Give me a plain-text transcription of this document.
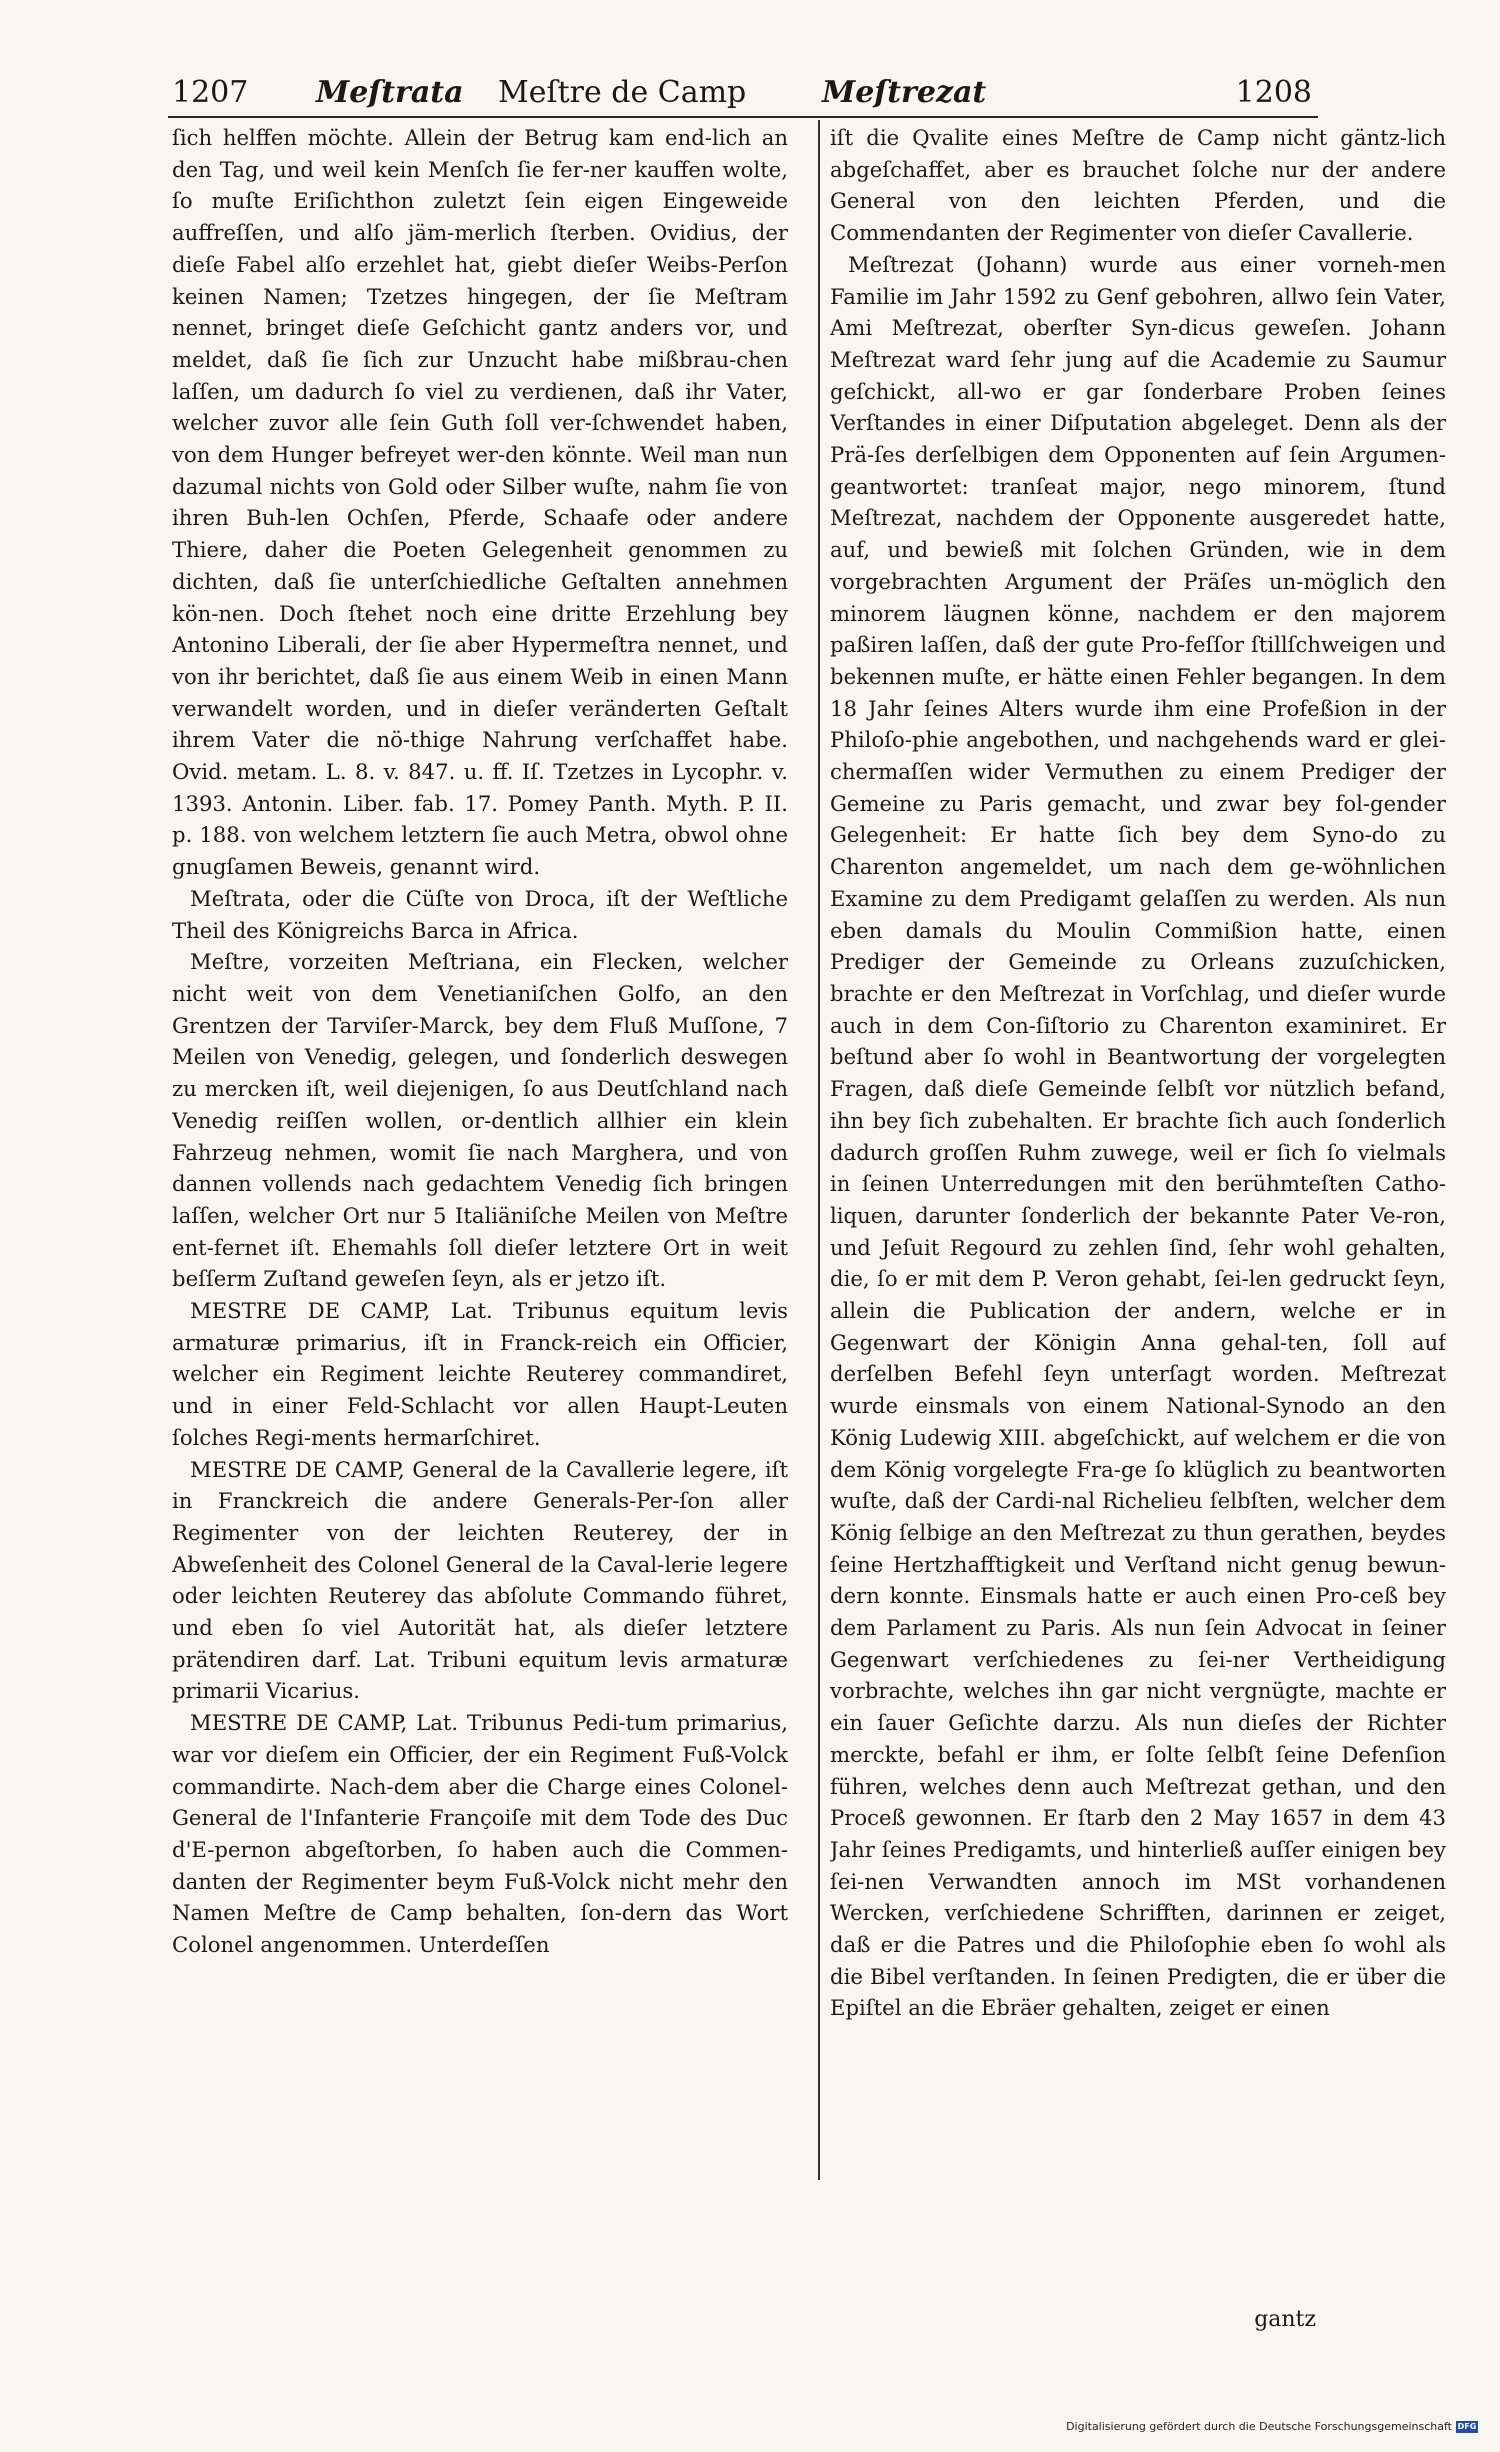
1207 Meſtrata Meſtre de Camp	Meſtrezat	1208

ſich helffen möchte. Allein der Betrug kam end-lich an den Tag, und weil kein Menſch ſie fer-ner kauffen wolte, ſo muſte Eriſichthon zuletzt ſein eigen Eingeweide auffreſſen, und alſo jäm-merlich ſterben. Ovidius, der dieſe Fabel alſo erzehlet hat, giebt dieſer Weibs-Perſon keinen Namen; Tzetzes hingegen, der ſie Meſtram nennet, bringet dieſe Geſchicht gantz anders vor, und meldet, daß ſie ſich zur Unzucht habe mißbrau-chen laſſen, um dadurch ſo viel zu verdienen, daß ihr Vater, welcher zuvor alle ſein Guth ſoll ver-ſchwendet haben, von dem Hunger befreyet wer-den könnte. Weil man nun dazumal nichts von Gold oder Silber wuſte, nahm ſie von ihren Buh-len Ochſen, Pferde, Schaafe oder andere Thiere, daher die Poeten Gelegenheit genommen zu dichten, daß ſie unterſchiedliche Geſtalten annehmen kön-nen. Doch ſtehet noch eine dritte Erzehlung bey Antonino Liberali, der ſie aber Hypermeſtra nennet, und von ihr berichtet, daß ſie aus einem Weib in einen Mann verwandelt worden, und in dieſer veränderten Geſtalt ihrem Vater die nö-thige Nahrung verſchaffet habe. Ovid. metam. L. 8. v. 847. u. ff. Iſ. Tzetzes in Lycophr. v. 1393. Antonin. Liber. fab. 17. Pomey Panth. Myth. P. II. p. 188. von welchem letztern ſie auch Metra, obwol ohne gnugſamen Beweis, genannt wird.

Meſtrata, oder die Cüſte von Droca, iſt der Weſtliche Theil des Königreichs Barca in Africa.

Meſtre, vorzeiten Meſtriana, ein Flecken, welcher nicht weit von dem Venetianiſchen Golfo, an den Grentzen der Tarviſer-Marck, bey dem Fluß Muſſone, 7 Meilen von Venedig, gelegen, und ſonderlich deswegen zu mercken iſt, weil diejenigen, ſo aus Deutſchland nach Venedig reiſſen wollen, or-dentlich allhier ein klein Fahrzeug nehmen, womit ſie nach Marghera, und von dannen vollends nach gedachtem Venedig ſich bringen laſſen, welcher Ort nur 5 Italiäniſche Meilen von Meſtre ent-fernet iſt. Ehemahls ſoll dieſer letztere Ort in weit beſſerm Zuſtand geweſen ſeyn, als er jetzo iſt.

MESTRE DE CAMP, Lat. Tribunus equitum levis armaturæ primarius, iſt in Franck-reich ein Officier, welcher ein Regiment leichte Reuterey commandiret, und in einer Feld-Schlacht vor allen Haupt-Leuten ſolches Regi-ments hermarſchiret.

MESTRE DE CAMP, General de la Cavallerie legere, iſt in Franckreich die andere Generals-Per-ſon aller Regimenter von der leichten Reuterey, der in Abweſenheit des Colonel General de la Caval-lerie legere oder leichten Reuterey das abſolute Commando führet, und eben ſo viel Autorität hat, als dieſer letztere prätendiren darf. Lat. Tribuni equitum levis armaturæ primarii Vicarius.

MESTRE DE CAMP, Lat. Tribunus Pedi-tum primarius, war vor dieſem ein Officier, der ein Regiment Fuß-Volck commandirte. Nach-dem aber die Charge eines Colonel-General de l'Infanterie Françoiſe mit dem Tode des Duc d'E-pernon abgeſtorben, ſo haben auch die Commen-danten der Regimenter beym Fuß-Volck nicht mehr den Namen Meſtre de Camp behalten, ſon-dern das Wort Colonel angenommen. Unterdeſſen

iſt die Qvalite eines Meſtre de Camp nicht gäntz-lich abgeſchaffet, aber es brauchet ſolche nur der andere General von den leichten Pferden, und die Commendanten der Regimenter von dieſer Cavallerie.

Meſtrezat (Johann) wurde aus einer vorneh-men Familie im Jahr 1592 zu Genf gebohren, allwo ſein Vater, Ami Meſtrezat, oberſter Syn-dicus geweſen. Johann Meſtrezat ward ſehr jung auf die Academie zu Saumur geſchickt, all-wo er gar ſonderbare Proben ſeines Verſtandes in einer Diſputation abgeleget. Denn als der Prä-ſes derſelbigen dem Opponenten auf ſein Argumen-geantwortet: tranſeat major, nego minorem, ſtund Meſtrezat, nachdem der Opponente ausgeredet hatte, auf, und bewieß mit ſolchen Gründen, wie in dem vorgebrachten Argument der Präſes un-möglich den minorem läugnen könne, nachdem er den majorem paßiren laſſen, daß der gute Pro-feſſor ſtillſchweigen und bekennen muſte, er hätte einen Fehler begangen. In dem 18 Jahr ſeines Alters wurde ihm eine Profeßion in der Philoſo-phie angebothen, und nachgehends ward er glei-chermaſſen wider Vermuthen zu einem Prediger der Gemeine zu Paris gemacht, und zwar bey fol-gender Gelegenheit: Er hatte ſich bey dem Syno-do zu Charenton angemeldet, um nach dem ge-wöhnlichen Examine zu dem Predigamt gelaſſen zu werden. Als nun eben damals du Moulin Commißion hatte, einen Prediger der Gemeinde zu Orleans zuzuſchicken, brachte er den Meſtrezat in Vorſchlag, und dieſer wurde auch in dem Con-ſiſtorio zu Charenton examiniret. Er beſtund aber ſo wohl in Beantwortung der vorgelegten Fragen, daß dieſe Gemeinde ſelbſt vor nützlich befand, ihn bey ſich zubehalten. Er brachte ſich auch ſonderlich dadurch groſſen Ruhm zuwege, weil er ſich ſo vielmals in ſeinen Unterredungen mit den berühmteſten Catho-liquen, darunter ſonderlich der bekannte Pater Ve-ron, und Jeſuit Regourd zu zehlen ſind, ſehr wohl gehalten, die, ſo er mit dem P. Veron gehabt, ſei-len gedruckt ſeyn, allein die Publication der andern, welche er in Gegenwart der Königin Anna gehal-ten, ſoll auf derſelben Befehl ſeyn unterſagt worden. Meſtrezat wurde einsmals von einem National-Synodo an den König Ludewig XIII. abgeſchickt, auf welchem er die von dem König vorgelegte Fra-ge ſo klüglich zu beantworten wuſte, daß der Cardi-nal Richelieu ſelbſten, welcher dem König ſelbige an den Meſtrezat zu thun gerathen, beydes ſeine Hertzhafftigkeit und Verſtand nicht genug bewun-dern konnte. Einsmals hatte er auch einen Pro-ceß bey dem Parlament zu Paris. Als nun ſein Advocat in ſeiner Gegenwart verſchiedenes zu ſei-ner Vertheidigung vorbrachte, welches ihn gar nicht vergnügte, machte er ein ſauer Geſichte darzu. Als nun dieſes der Richter merckte, befahl er ihm, er ſolte ſelbſt ſeine Defenſion führen, welches denn auch Meſtrezat gethan, und den Proceß gewonnen. Er ſtarb den 2 May 1657 in dem 43 Jahr ſeines Predigamts, und hinterließ auſſer einigen bey ſei-nen Verwandten annoch im MSt vorhandenen Wercken, verſchiedene Schrifften, darinnen er zeiget, daß er die Patres und die Philoſophie eben ſo wohl als die Bibel verſtanden. In ſeinen Predigten, die er über die Epiſtel an die Ebräer gehalten, zeiget er einen

gantz
Digitalisierung gefördert durch die Deutsche Forschungsgemeinschaft DFG
